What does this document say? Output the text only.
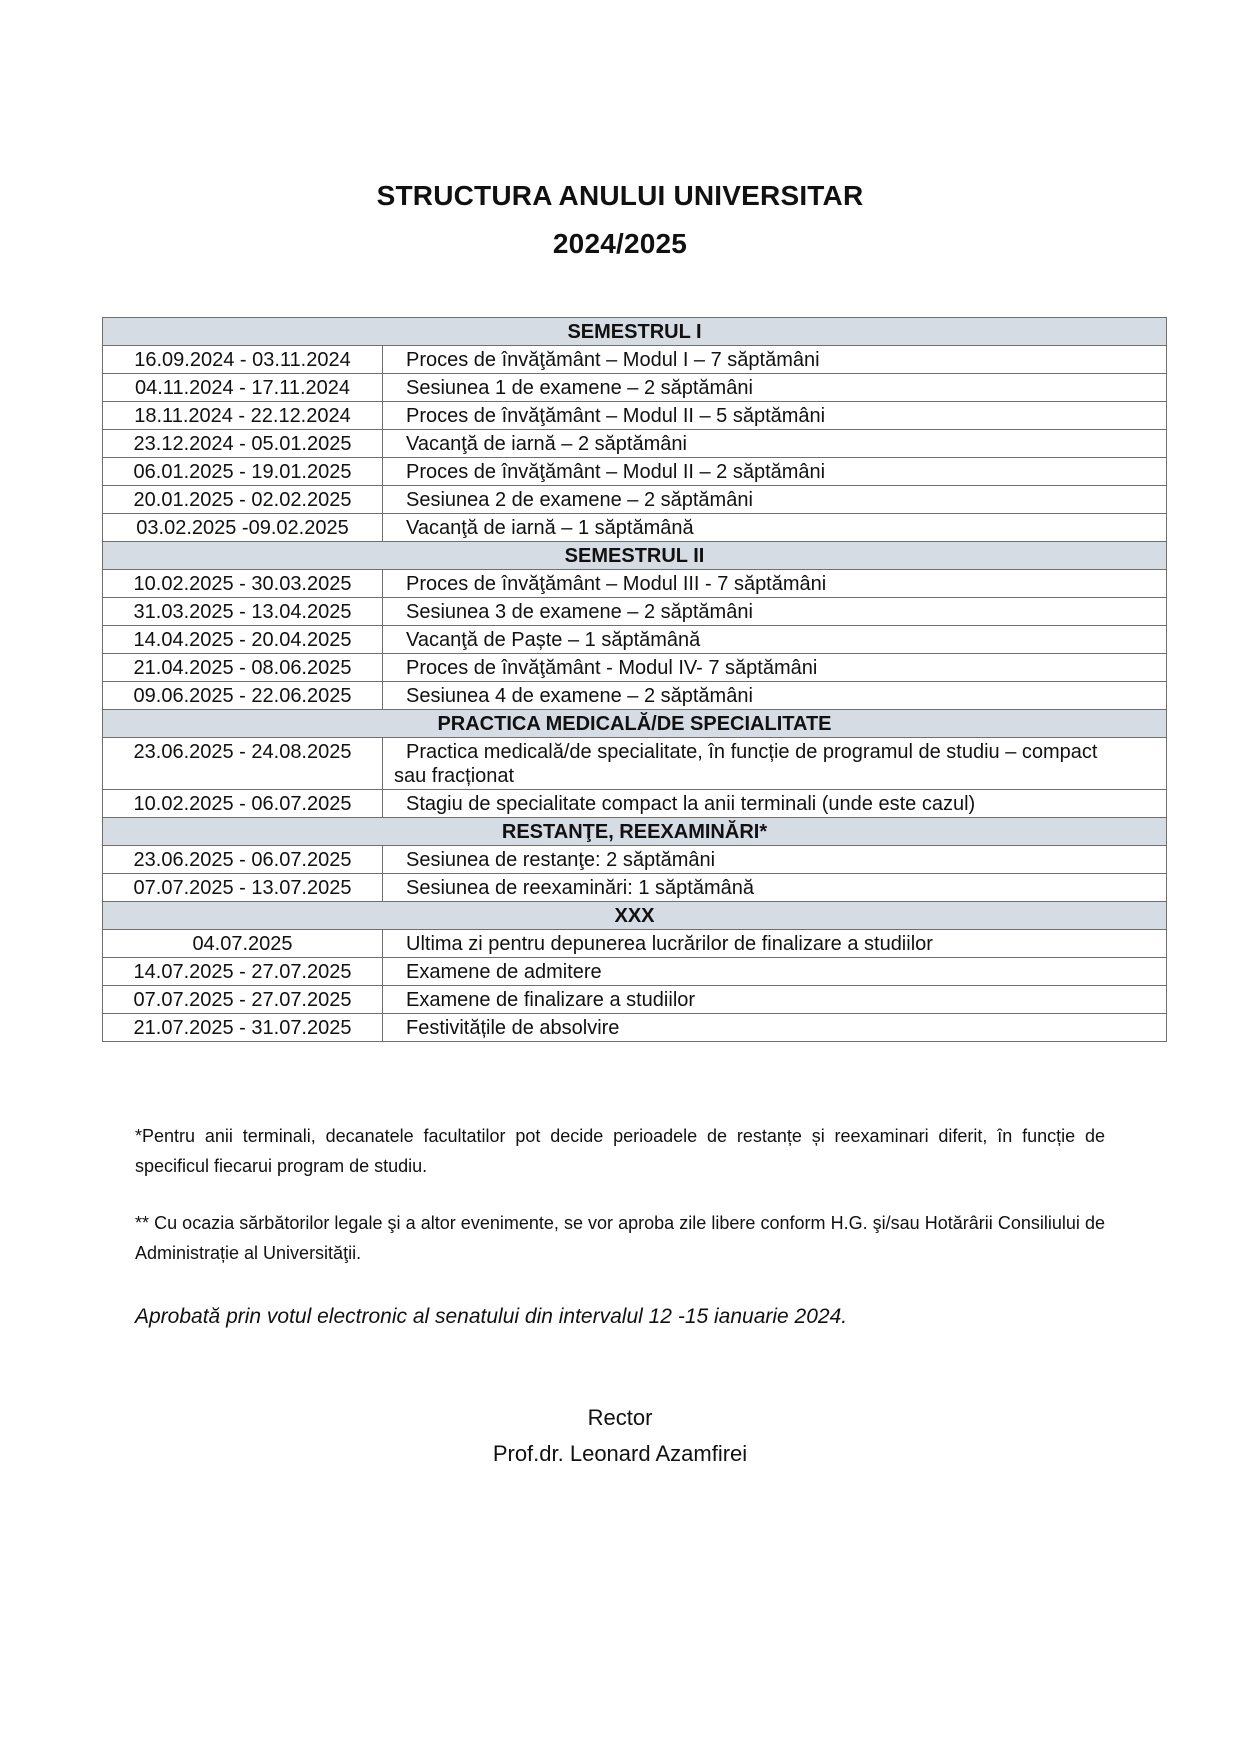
STRUCTURA ANULUI UNIVERSITAR
2024/2025
SEMESTRUL I	
16.09.2024 - 03.11.2024	Proces de învăţământ – Modul I – 7 săptămâni

04.11.2024 - 17.11.2024	Sesiunea 1 de examene – 2 săptămâni

18.11.2024 - 22.12.2024	Proces de învăţământ – Modul II – 5 săptămâni

23.12.2024 - 05.01.2025	Vacanţă de iarnă – 2 săptămâni

06.01.2025 - 19.01.2025	Proces de învăţământ – Modul II – 2 săptămâni

20.01.2025 - 02.02.2025	Sesiunea 2 de examene – 2 săptămâni

03.02.2025 -09.02.2025	Vacanţă de iarnă – 1 săptămână

SEMESTRUL II	
10.02.2025 - 30.03.2025	Proces de învăţământ – Modul III - 7 săptămâni

31.03.2025 - 13.04.2025	Sesiunea 3 de examene – 2 săptămâni

14.04.2025 - 20.04.2025	Vacanţă de Paște – 1 săptămână

21.04.2025 - 08.06.2025	Proces de învăţământ - Modul IV- 7 săptămâni

09.06.2025 - 22.06.2025	Sesiunea 4 de examene – 2 săptămâni

PRACTICA MEDICALĂ/DE SPECIALITATE	
23.06.2025 - 24.08.2025	Practica medicală/de specialitate, în funcție de programul de studiu – compact
sau fracționat

10.02.2025 - 06.07.2025	Stagiu de specialitate compact la anii terminali (unde este cazul)

RESTANŢE, REEXAMINĂRI*	
23.06.2025 - 06.07.2025	Sesiunea de restanţe: 2 săptămâni

07.07.2025 - 13.07.2025	Sesiunea de reexaminări: 1 săptămână

XXX	
04.07.2025	Ultima zi pentru depunerea lucrărilor de finalizare a studiilor

14.07.2025 - 27.07.2025	Examene de admitere

07.07.2025 - 27.07.2025	Examene de finalizare a studiilor

21.07.2025 - 31.07.2025	Festivitățile de absolvire
*Pentru anii terminali, decanatele facultatilor pot decide perioadele de restanțe și reexaminari diferit, în funcție de specificul fiecarui program de studiu.
** Cu ocazia sărbătorilor legale şi a altor evenimente, se vor aproba zile libere conform H.G. şi/sau Hotărârii Consiliului de Administrație al Universităţii.
Aprobată prin votul electronic al senatului din intervalul 12 -15 ianuarie 2024.
Rector
Prof.dr. Leonard Azamfirei
